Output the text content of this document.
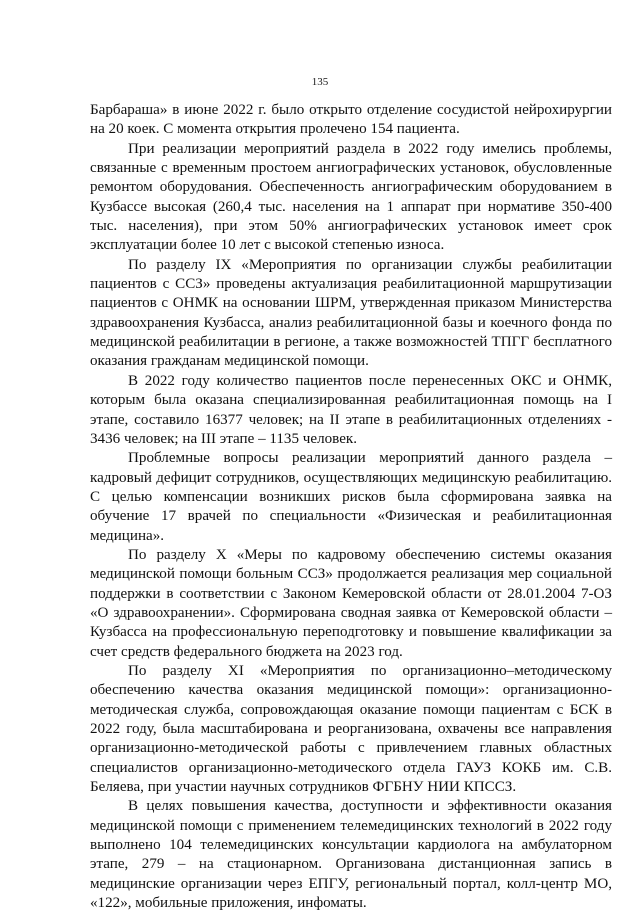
135

Барбараша» в июне 2022 г. было открыто отделение сосудистой нейрохирургии на 20 коек. С момента открытия пролечено 154 пациента.

При реализации мероприятий раздела в 2022 году имелись проблемы, связанные с временным простоем ангиографических установок, обусловленные ремонтом оборудования. Обеспеченность ангиографическим оборудованием в Кузбассе высокая (260,4 тыс. населения на 1 аппарат при нормативе 350-400 тыс. населения), при этом 50% ангиографических установок имеет срок эксплуатации более 10 лет с высокой степенью износа.

По разделу IX «Мероприятия по организации службы реабилитации пациентов с ССЗ» проведены актуализация реабилитационной маршрутизации пациентов с ОНМК на основании ШРМ, утвержденная приказом Министерства здравоохранения Кузбасса, анализ реабилитационной базы и коечного фонда по медицинской реабилитации в регионе, а также возможностей ТПГГ бесплатного оказания гражданам медицинской помощи.

В 2022 году количество пациентов после перенесенных ОКС и ОНМК, которым была оказана специализированная реабилитационная помощь на I этапе, составило 16377 человек; на II этапе в реабилитационных отделениях - 3436 человек; на III этапе – 1135 человек.

Проблемные вопросы реализации мероприятий данного раздела – кадровый дефицит сотрудников, осуществляющих медицинскую реабилитацию. С целью компенсации возникших рисков была сформирована заявка на обучение 17 врачей по специальности «Физическая и реабилитационная медицина».

По разделу X «Меры по кадровому обеспечению системы оказания медицинской помощи больным ССЗ» продолжается реализация мер социальной поддержки в соответствии с Законом Кемеровской области от 28.01.2004 7-ОЗ «О здравоохранении». Сформирована сводная заявка от Кемеровской области – Кузбасса на профессиональную переподготовку и повышение квалификации за счет средств федерального бюджета на 2023 год.

По разделу XI «Мероприятия по организационно–методическому обеспечению качества оказания медицинской помощи»: организационно-методическая служба, сопровождающая оказание помощи пациентам с БСК в 2022 году, была масштабирована и реорганизована, охвачены все направления организационно-методической работы с привлечением главных областных специалистов организационно-методического отдела ГАУЗ КОКБ им. С.В. Беляева, при участии научных сотрудников ФГБНУ НИИ КПССЗ.

В целях повышения качества, доступности и эффективности оказания медицинской помощи с применением телемедицинских технологий в 2022 году выполнено 104 телемедицинских консультации кардиолога на амбулаторном этапе, 279 – на стационарном. Организована дистанционная запись в медицинские организации через ЕПГУ, региональный портал, колл-центр МО, «122», мобильные приложения, инфоматы.
